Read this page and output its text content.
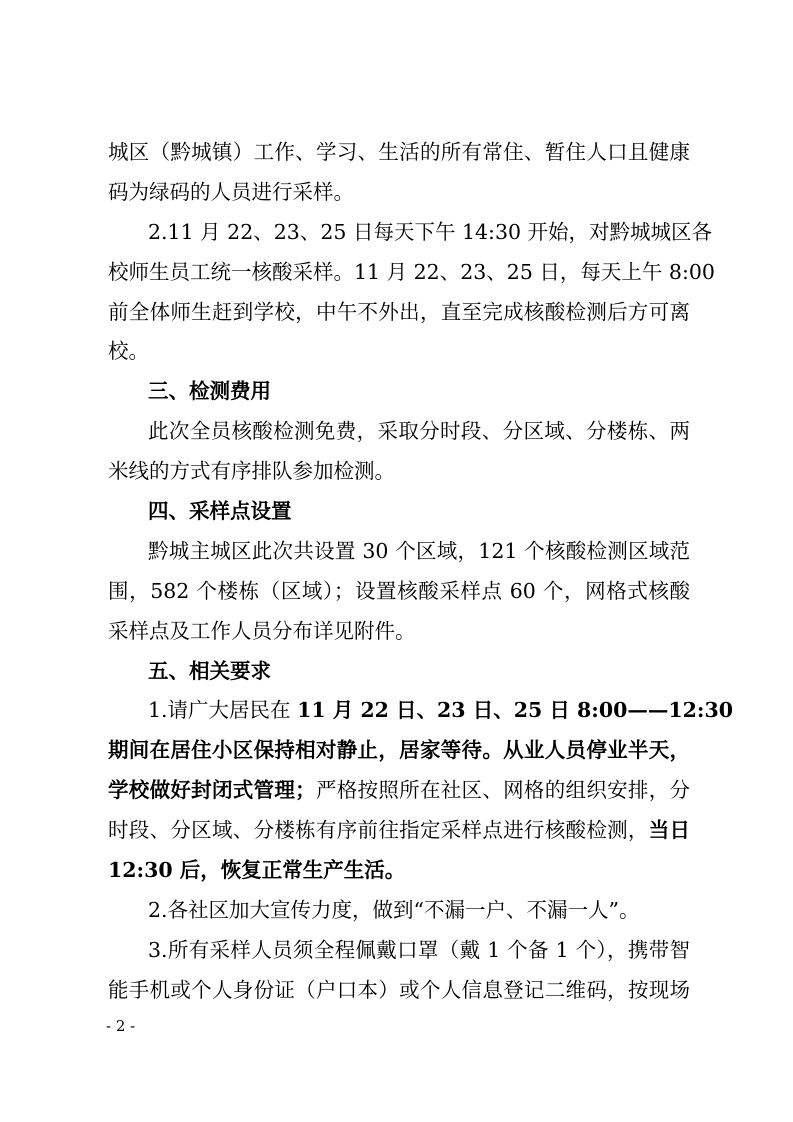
城区（黔城镇）工作、学习、生活的所有常住、暂住人口且健康
码为绿码的人员进行采样。
2.11 月 22、23、25 日每天下午 14:30 开始，对黔城城区各
校师生员工统一核酸采样。11 月 22、23、25 日，每天上午 8:00
前全体师生赶到学校，中午不外出，直至完成核酸检测后方可离
校。
三、检测费用
此次全员核酸检测免费，采取分时段、分区域、分楼栋、两
米线的方式有序排队参加检测。
四、采样点设置
黔城主城区此次共设置 30 个区域，121 个核酸检测区域范
围，582 个楼栋（区域）；设置核酸采样点 60 个，网格式核酸
采样点及工作人员分布详见附件。
五、相关要求
1.请广大居民在 11 月 22 日、23 日、25 日 8:00——12:30
期间在居住小区保持相对静止，居家等待。从业人员停业半天，
学校做好封闭式管理；严格按照所在社区、网格的组织安排，分
时段、分区域、分楼栋有序前往指定采样点进行核酸检测，当日
12:30 后，恢复正常生产生活。
2.各社区加大宣传力度，做到“不漏一户、不漏一人”。
3.所有采样人员须全程佩戴口罩（戴 1 个备 1 个），携带智
能手机或个人身份证（户口本）或个人信息登记二维码，按现场
- 2 -
